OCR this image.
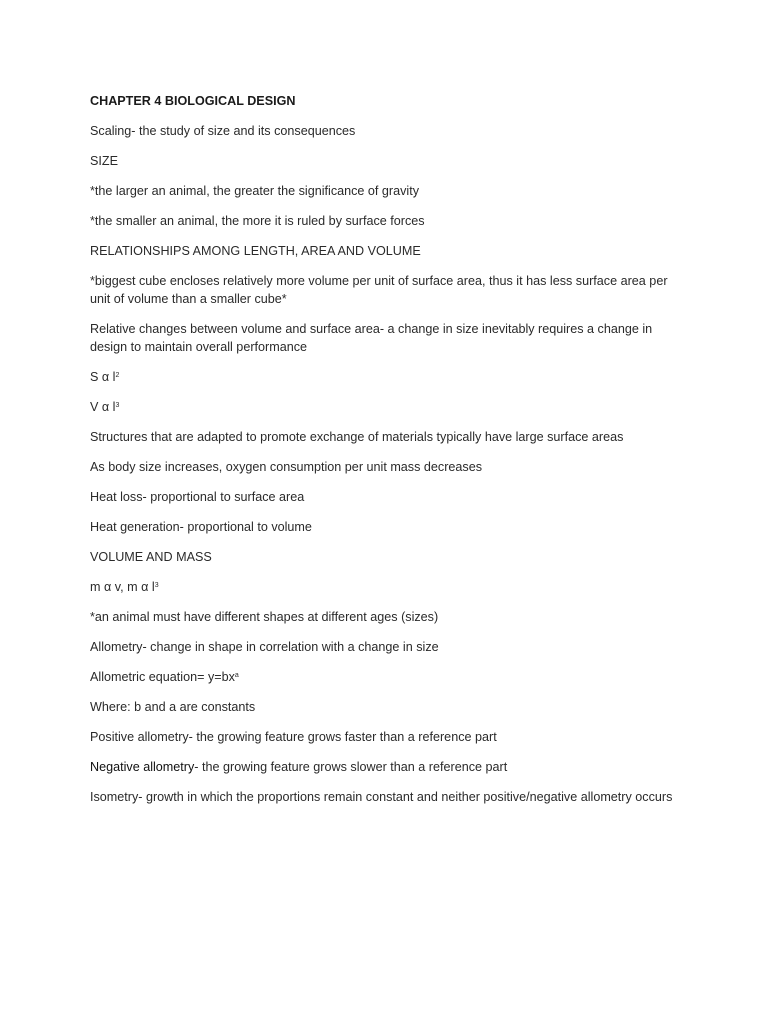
CHAPTER 4 BIOLOGICAL DESIGN

Scaling- the study of size and its consequences

SIZE

*the larger an animal, the greater the significance of gravity

*the smaller an animal, the more it is ruled by surface forces

RELATIONSHIPS AMONG LENGTH, AREA AND VOLUME

*biggest cube encloses relatively more volume per unit of surface area, thus it has less surface area per unit of volume than a smaller cube*

Relative changes between volume and surface area- a change in size inevitably requires a change in design to maintain overall performance

S α $l^2$

V α $l^3$

Structures that are adapted to promote exchange of materials typically have large surface areas

As body size increases, oxygen consumption per unit mass decreases

Heat loss- proportional to surface area

Heat generation- proportional to volume

VOLUME AND MASS

m α v, m α $l^3$

*an animal must have different shapes at different ages (sizes)

Allometry- change in shape in correlation with a change in size

Allometric equation= $y=bx^a$

Where: b and a are constants

Positive allometry- the growing feature grows faster than a reference part

Negative allometry- the growing feature grows slower than a reference part

Isometry- growth in which the proportions remain constant and neither positive/negative allometry occurs
